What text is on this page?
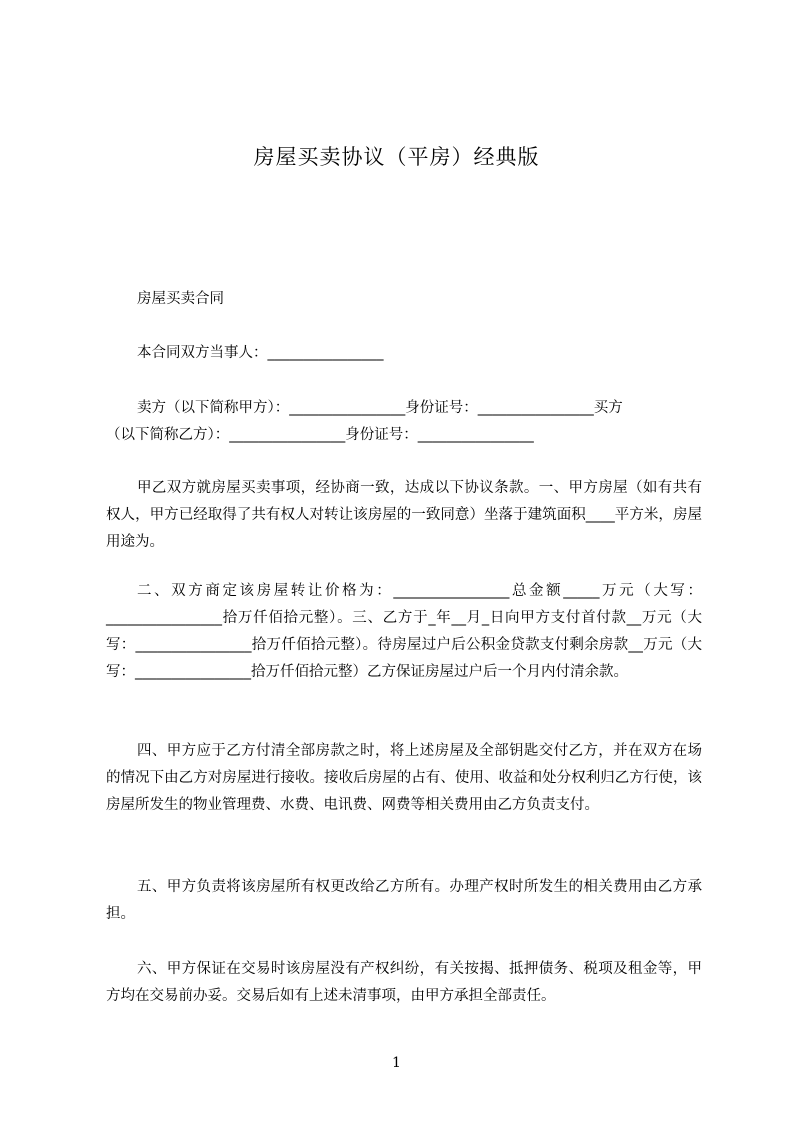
房屋买卖协议（平房）经典版
房屋买卖合同
本合同双方当事人：________________
卖方（以下简称甲方）：________________身份证号：________________买方
（以下简称乙方）：________________身份证号：________________
甲乙双方就房屋买卖事项，经协商一致，达成以下协议条款。一、甲方房屋（如有共有权人，甲方已经取得了共有权人对转让该房屋的一致同意）坐落于建筑面积____平方米，房屋用途为。
二、双方商定该房屋转让价格为：________________总金额_____万元（大写：________________拾万仟佰拾元整）。三、乙方于_年__月_日向甲方支付首付款__万元（大写：________________拾万仟佰拾元整）。待房屋过户后公积金贷款支付剩余房款__万元（大写：________________拾万仟佰拾元整）乙方保证房屋过户后一个月内付清余款。
四、甲方应于乙方付清全部房款之时，将上述房屋及全部钥匙交付乙方，并在双方在场的情况下由乙方对房屋进行接收。接收后房屋的占有、使用、收益和处分权利归乙方行使，该房屋所发生的物业管理费、水费、电讯费、网费等相关费用由乙方负责支付。
五、甲方负责将该房屋所有权更改给乙方所有。办理产权时所发生的相关费用由乙方承担。
六、甲方保证在交易时该房屋没有产权纠纷，有关按揭、抵押债务、税项及租金等，甲方均在交易前办妥。交易后如有上述未清事项，由甲方承担全部责任。
1
